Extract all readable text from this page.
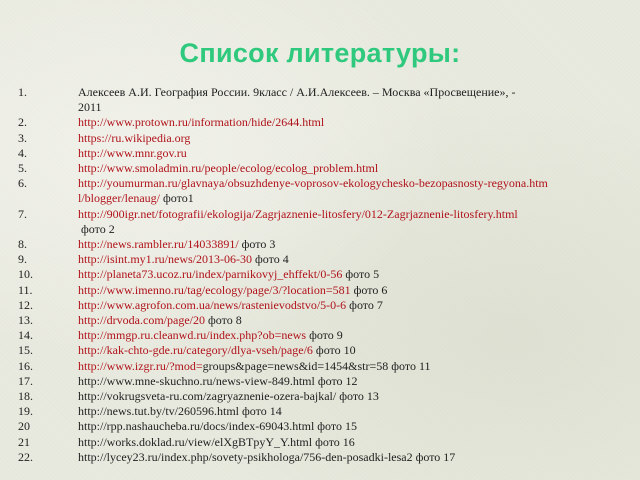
Список литературы:
1.	Алексеев А.И. География России. 9класс / А.И.Алексеев. – Москва «Просвещение», -
2011
2.	http://www.protown.ru/information/hide/2644.html
3.	https://ru.wikipedia.org
4.	http://www.mnr.gov.ru
5.	http://www.smoladmin.ru/people/ecolog/ecolog_problem.html
6.	http://youmurman.ru/glavnaya/obsuzhdenye-voprosov-ekologychesko-bezopasnosty-regyona.htm
l/blogger/lenaug/ фото1
7.	http://900igr.net/fotografii/ekologija/Zagrjaznenie-litosfery/012-Zagrjaznenie-litosfery.html
фото 2
8.	http://news.rambler.ru/14033891/ фото 3
9.	http://isint.my1.ru/news/2013-06-30 фото 4
10.	http://planeta73.ucoz.ru/index/parnikovyj_ehffekt/0-56 фото 5
11.	http://www.imenno.ru/tag/ecology/page/3/?location=581 фото 6
12.	http://www.agrofon.com.ua/news/rastenievodstvo/5-0-6 фото 7
13.	http://drvoda.com/page/20 фото 8
14.	http://mmgp.ru.cleanwd.ru/index.php?ob=news фото 9
15.	http://kak-chto-gde.ru/category/dlya-vseh/page/6 фото 10
16.	http://www.izgr.ru/?mod=groups&page=news&id=1454&str=58 фото 11
17.	http://www.mne-skuchno.ru/news-view-849.html фото 12
18.	http://vokrugsveta-ru.com/zagryaznenie-ozera-bajkal/ фото 13
19.	http://news.tut.by/tv/260596.html фото 14
20	http://rpp.nashaucheba.ru/docs/index-69043.html фото 15
21	http://works.doklad.ru/view/elXgBTpyY_Y.html фото 16
22.	http://lycey23.ru/index.php/sovety-psikhologa/756-den-posadki-lesa2 фото 17
